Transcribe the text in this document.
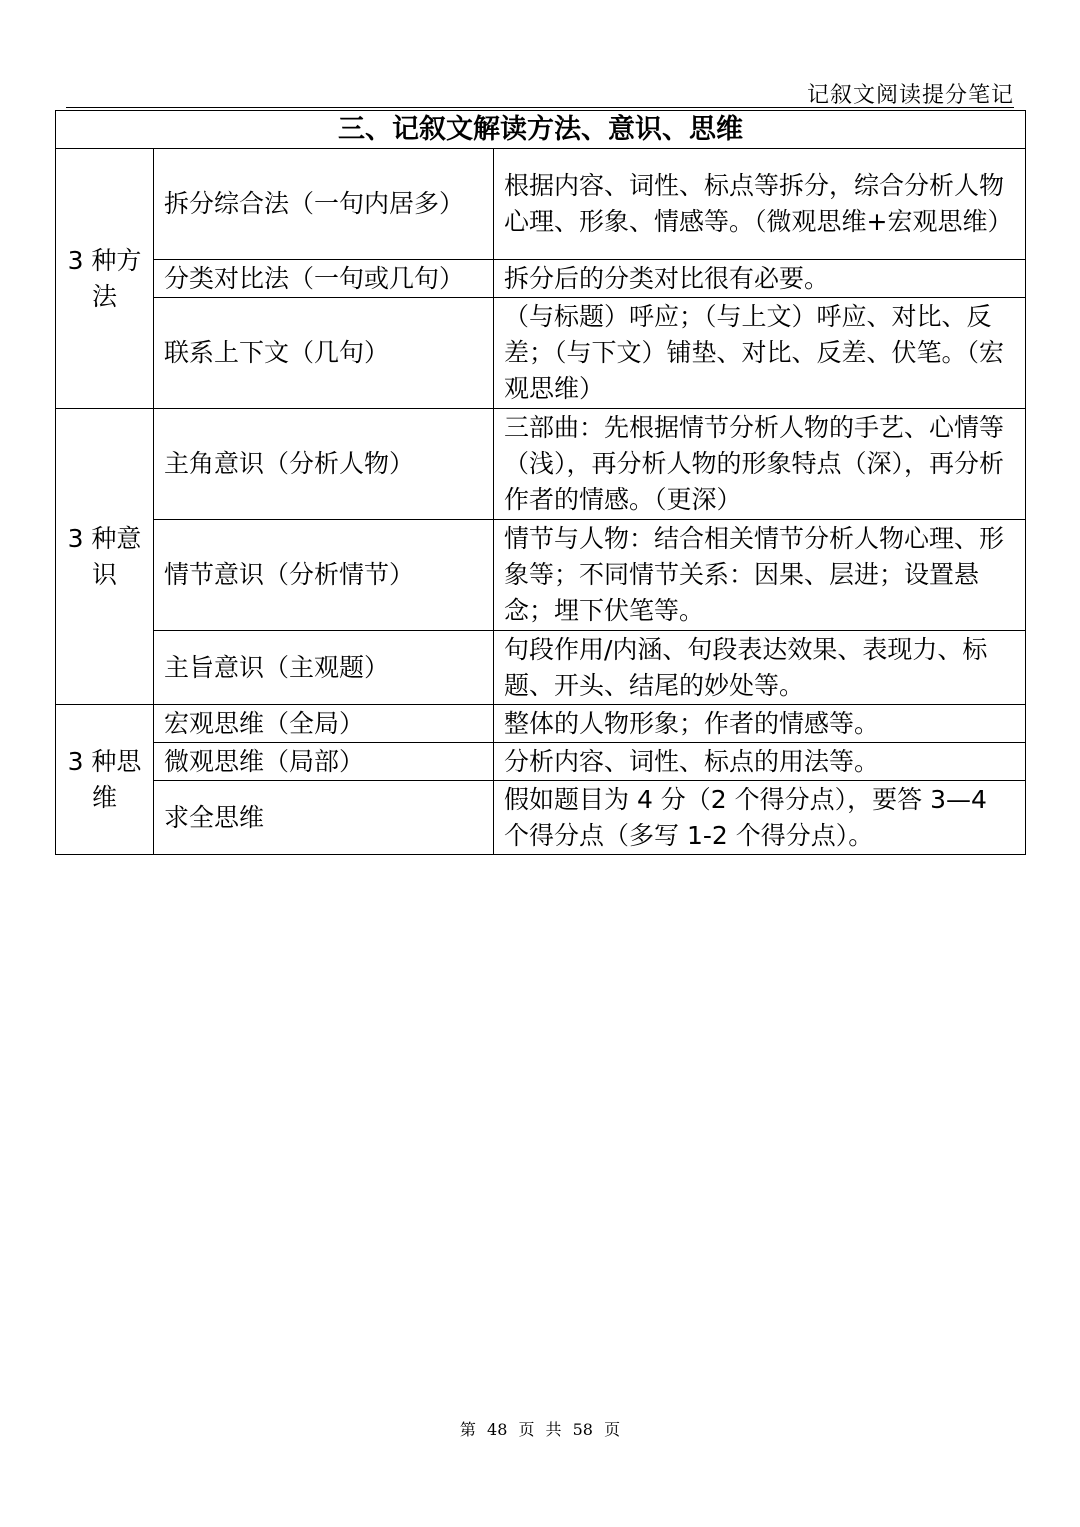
记叙文阅读提分笔记
三、记叙文解读方法、意识、思维		
3 种方法	拆分综合法（一句内居多）	根据内容、词性、标点等拆分，综合分析人物心理、形象、情感等。（微观思维+宏观思维）
	分类对比法（一句或几句）	拆分后的分类对比很有必要。
	联系上下文（几句）	（与标题）呼应；（与上文）呼应、对比、反差；（与下文）铺垫、对比、反差、伏笔。（宏观思维）
3 种意识	主角意识（分析人物）	三部曲：先根据情节分析人物的手艺、心情等（浅），再分析人物的形象特点（深），再分析作者的情感。（更深）
	情节意识（分析情节）	情节与人物：结合相关情节分析人物心理、形象等；不同情节关系：因果、层进；设置悬念；埋下伏笔等。
	主旨意识（主观题）	句段作用/内涵、句段表达效果、表现力、标题、开头、结尾的妙处等。
3 种思维	宏观思维（全局）	整体的人物形象；作者的情感等。
	微观思维（局部）	分析内容、词性、标点的用法等。
	求全思维	假如题目为 4 分（2 个得分点），要答 3—4 个得分点（多写 1-2 个得分点）。
第 48 页 共 58 页
